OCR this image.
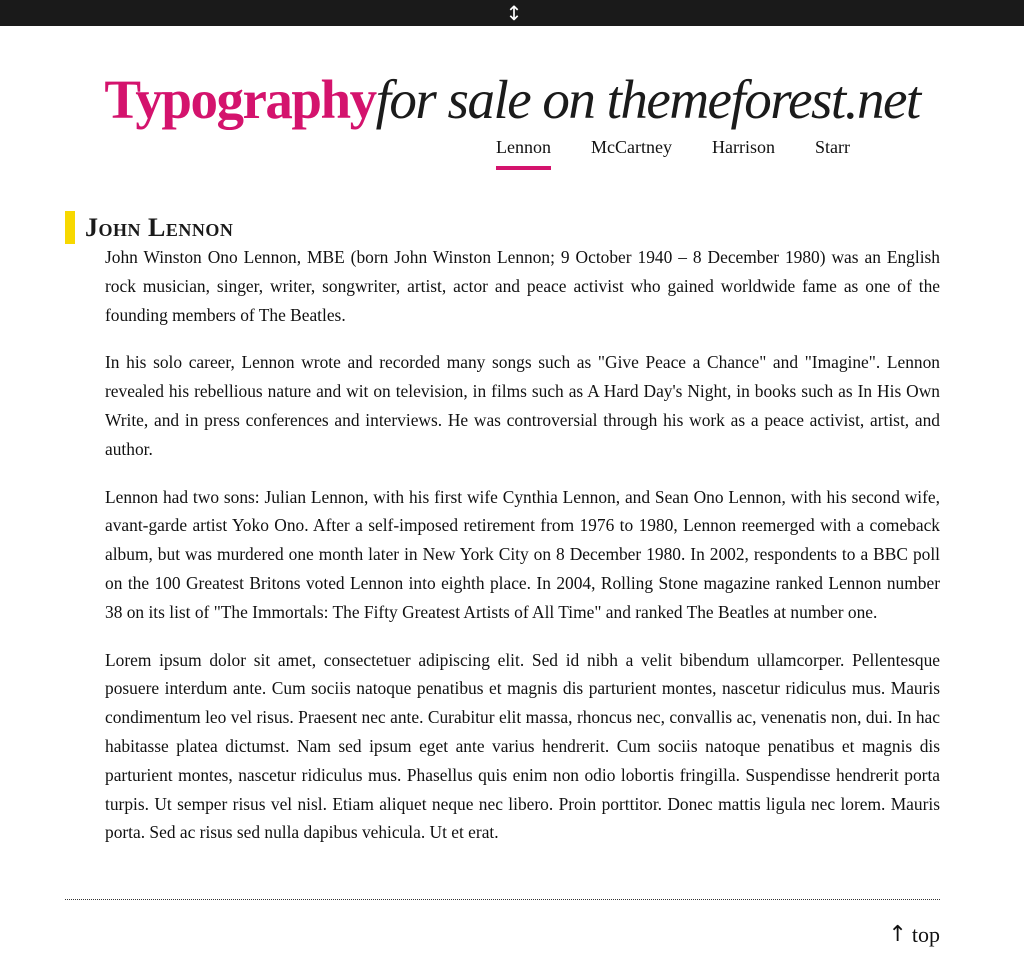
↕
Typographyfor sale on themeforest.net
Lennon	McCartney	Harrison	Starr
John Lennon

John Winston Ono Lennon, MBE (born John Winston Lennon; 9 October 1940 – 8 December 1980) was an English rock musician, singer, writer, songwriter, artist, actor and peace activist who gained worldwide fame as one of the founding members of The Beatles.

In his solo career, Lennon wrote and recorded many songs such as "Give Peace a Chance" and "Imagine". Lennon revealed his rebellious nature and wit on television, in films such as A Hard Day's Night, in books such as In His Own Write, and in press conferences and interviews. He was controversial through his work as a peace activist, artist, and author.

Lennon had two sons: Julian Lennon, with his first wife Cynthia Lennon, and Sean Ono Lennon, with his second wife, avant-garde artist Yoko Ono. After a self-imposed retirement from 1976 to 1980, Lennon reemerged with a comeback album, but was murdered one month later in New York City on 8 December 1980. In 2002, respondents to a BBC poll on the 100 Greatest Britons voted Lennon into eighth place. In 2004, Rolling Stone magazine ranked Lennon number 38 on its list of "The Immortals: The Fifty Greatest Artists of All Time" and ranked The Beatles at number one.

Lorem ipsum dolor sit amet, consectetuer adipiscing elit. Sed id nibh a velit bibendum ullamcorper. Pellentesque posuere interdum ante. Cum sociis natoque penatibus et magnis dis parturient montes, nascetur ridiculus mus. Mauris condimentum leo vel risus. Praesent nec ante. Curabitur elit massa, rhoncus nec, convallis ac, venenatis non, dui. In hac habitasse platea dictumst. Nam sed ipsum eget ante varius hendrerit. Cum sociis natoque penatibus et magnis dis parturient montes, nascetur ridiculus mus. Phasellus quis enim non odio lobortis fringilla. Suspendisse hendrerit porta turpis. Ut semper risus vel nisl. Etiam aliquet neque nec libero. Proin porttitor. Donec mattis ligula nec lorem. Mauris porta. Sed ac risus sed nulla dapibus vehicula. Ut et erat.

↑ top
